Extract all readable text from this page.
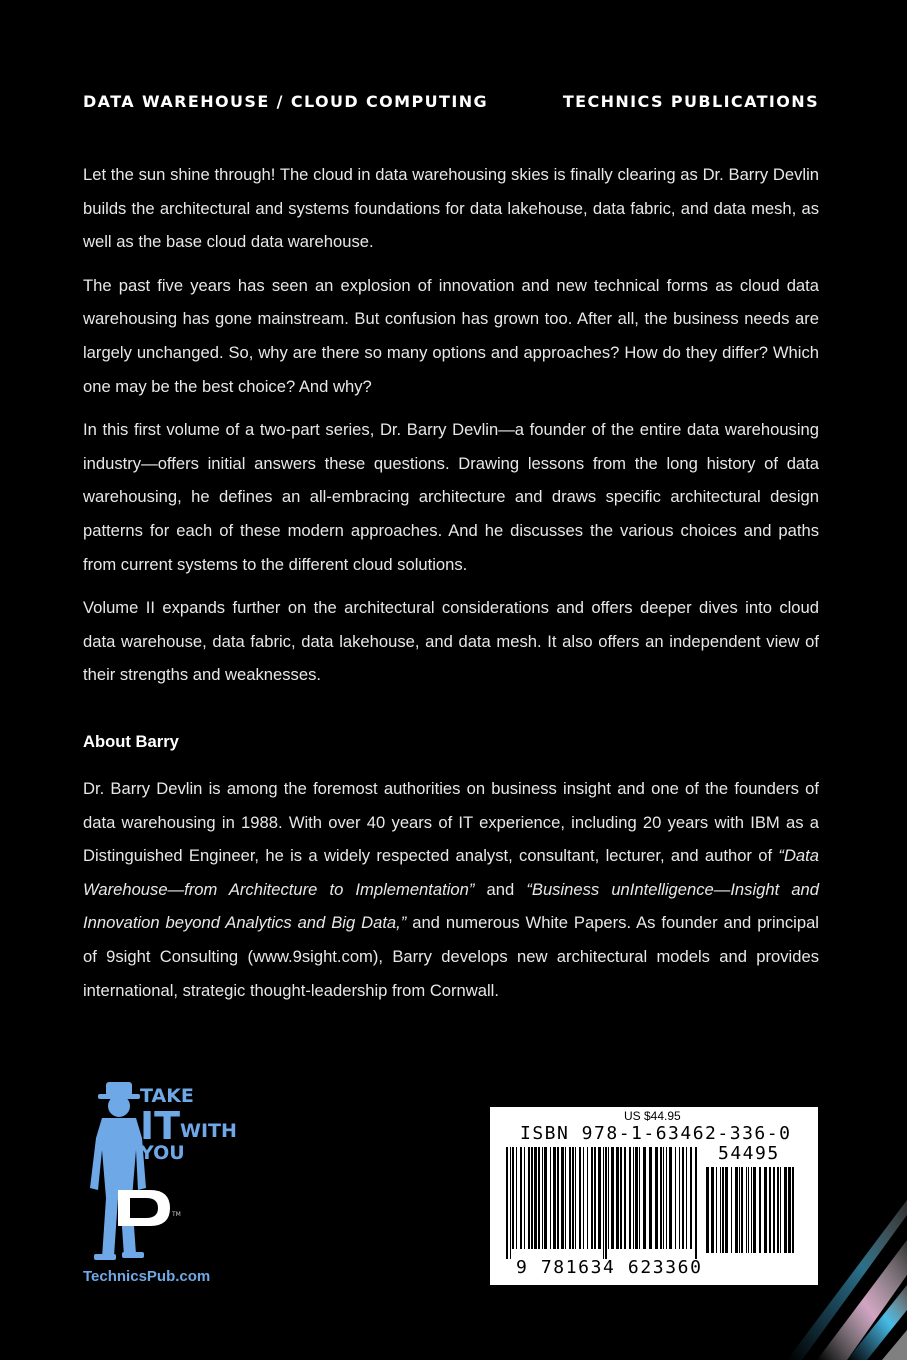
DATA WAREHOUSE / CLOUD COMPUTING	TECHNICS PUBLICATIONS

Let the sun shine through! The cloud in data warehousing skies is finally clearing as Dr. Barry Devlin builds the architectural and systems foundations for data lakehouse, data fabric, and data mesh, as well as the base cloud data warehouse.

The past five years has seen an explosion of innovation and new technical forms as cloud data warehousing has gone mainstream. But confusion has grown too. After all, the business needs are largely unchanged. So, why are there so many options and approaches? How do they differ? Which one may be the best choice? And why?

In this first volume of a two-part series, Dr. Barry Devlin—a founder of the entire data warehousing industry—offers initial answers these questions. Drawing lessons from the long history of data warehousing, he defines an all-embracing architecture and draws specific architectural design patterns for each of these modern approaches. And he discusses the various choices and paths from current systems to the different cloud solutions.

Volume II expands further on the architectural considerations and offers deeper dives into cloud data warehouse, data fabric, data lakehouse, and data mesh. It also offers an independent view of their strengths and weaknesses.

About Barry

Dr. Barry Devlin is among the foremost authorities on business insight and one of the founders of data warehousing in 1988. With over 40 years of IT experience, including 20 years with IBM as a Distinguished Engineer, he is a widely respected analyst, consultant, lecturer, and author of “Data Warehouse—from Architecture to Implementation” and “Business unIntelligence—Insight and Innovation beyond Analytics and Big Data,” and numerous White Papers. As founder and principal of 9sight Consulting (www.9sight.com), Barry develops new architectural models and provides international, strategic thought-leadership from Cornwall.

TAKE
IT WITH
YOU
TM
TechnicsPub.com
US $44.95
ISBN 978-1-63462-336-0
54495
9 781634 623360
